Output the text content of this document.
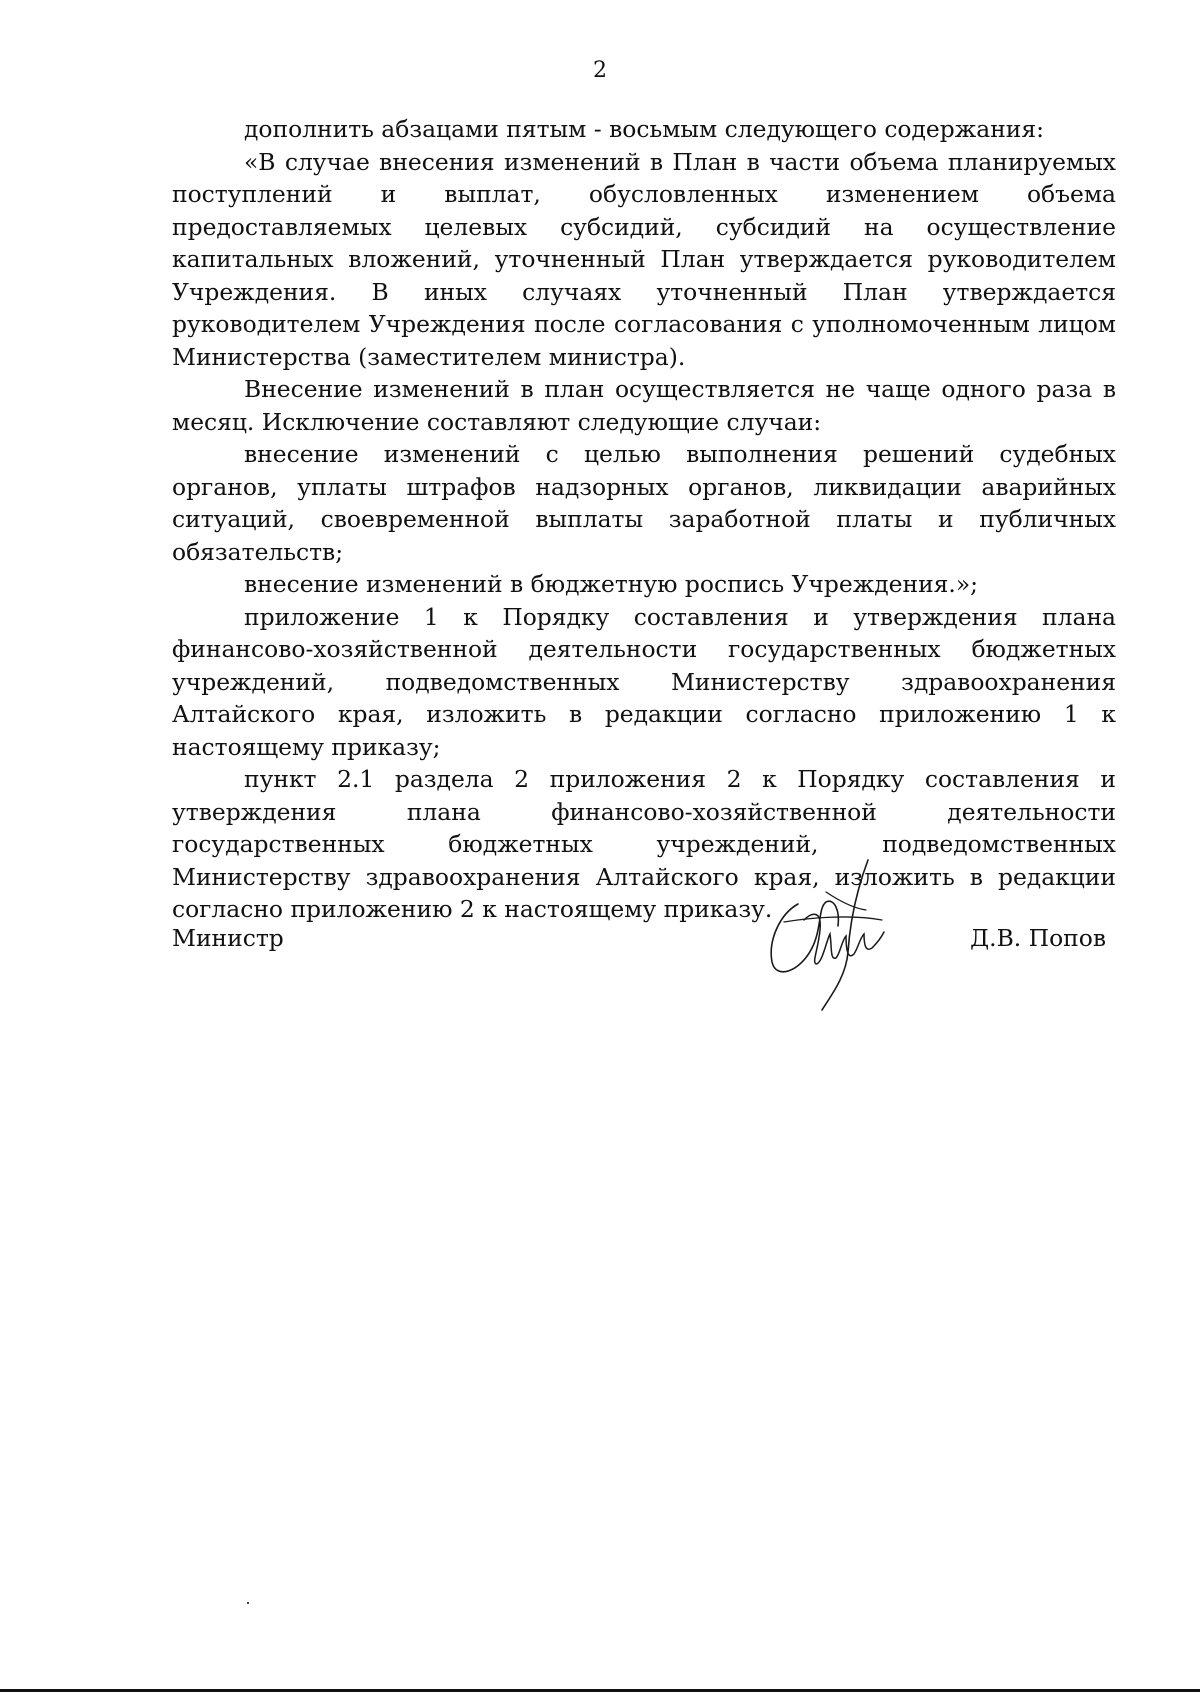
2

дополнить абзацами пятым - восьмым следующего содержания:

«В случае внесения изменений в План в части объема планируемых поступлений и выплат, обусловленных изменением объема предоставляемых целевых субсидий, субсидий на осуществление капитальных вложений, уточненный План утверждается руководителем Учреждения. В иных случаях уточненный План утверждается руководителем Учреждения после согласования с уполномоченным лицом Министерства (заместителем министра).

Внесение изменений в план осуществляется не чаще одного раза в месяц. Исключение составляют следующие случаи:

внесение изменений с целью выполнения решений судебных органов, уплаты штрафов надзорных органов, ликвидации аварийных ситуаций, своевременной выплаты заработной платы и публичных обязательств;

внесение изменений в бюджетную роспись Учреждения.»;

приложение 1 к Порядку составления и утверждения плана финансово-хозяйственной деятельности государственных бюджетных учреждений, подведомственных Министерству здравоохранения Алтайского края, изложить в редакции согласно приложению 1 к настоящему приказу;

пункт 2.1 раздела 2 приложения 2 к Порядку составления и утверждения плана финансово-хозяйственной деятельности государственных бюджетных учреждений, подведомственных Министерству здравоохранения Алтайского края, изложить в редакции согласно приложению 2 к настоящему приказу.

Министр	Д.В. Попов
